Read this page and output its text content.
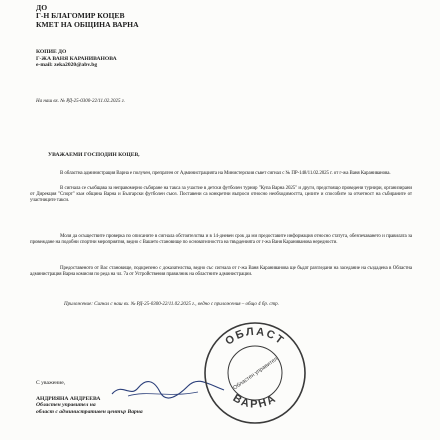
ДО
Г-Н БЛАГОМИР КОЦЕВ
КМЕТ НА ОБЩИНА ВАРНА
КОПИЕ ДО
Г-ЖА ВАНЯ КАРАНИВАНОВА
e-mail: zeka2020@abv.bg
На наш вх. № РД-25-0300-22/11.02.2025 г.
УВАЖАЕМИ ГОСПОДИН КОЦЕВ,
В областна администрация Варна е получен, препратен от Администрацията на Министерския съвет сигнал с № ПР-148/11.02.2025 г. от г-жа Ваня Караниванова.
В сигнала се съобщава за неправомерно събиране на такса за участие в детски футболен турнир "Купа Варна 2025" и други, предстоящо проведени турнири, организирани от Дирекция "Спорт" към община Варна и Български футболен съюз. Поставени са конкретни въпроси относно необходимостта, целите и способите за отчетност на събираните от участниците такси.
Моля да осъществите проверка по описаните в сигнала обстоятелства и в 14-дневен срок да ми предоставите информация относно статута, обезпечаването и правилата за провеждане на подобни спортни мероприятия, ведно с Вашето становище по основателността на твърденията от г-жа Ваня Караниванова нередности.
Предоставеното от Вас становище, подкрепено с доказателства, ведно със сигнала от г-жа Ваня Караниванова ще бъдат разгледани на заседание на създадена в Областна администрация Варна комисия по реда на чл. 7а от Устройствения правилник на областните администрации.
Приложение: Сигнал с наш вх. № РД-25-0300-22/11.02.2025 г., ведно с приложения – общо 4 бр. стр.
С уважение,
АНДРИЯНА АНДРЕЕВА
Областен управител на
област с административен център Варна
ОБЛАСТ
ВАРНА
Областен управител
